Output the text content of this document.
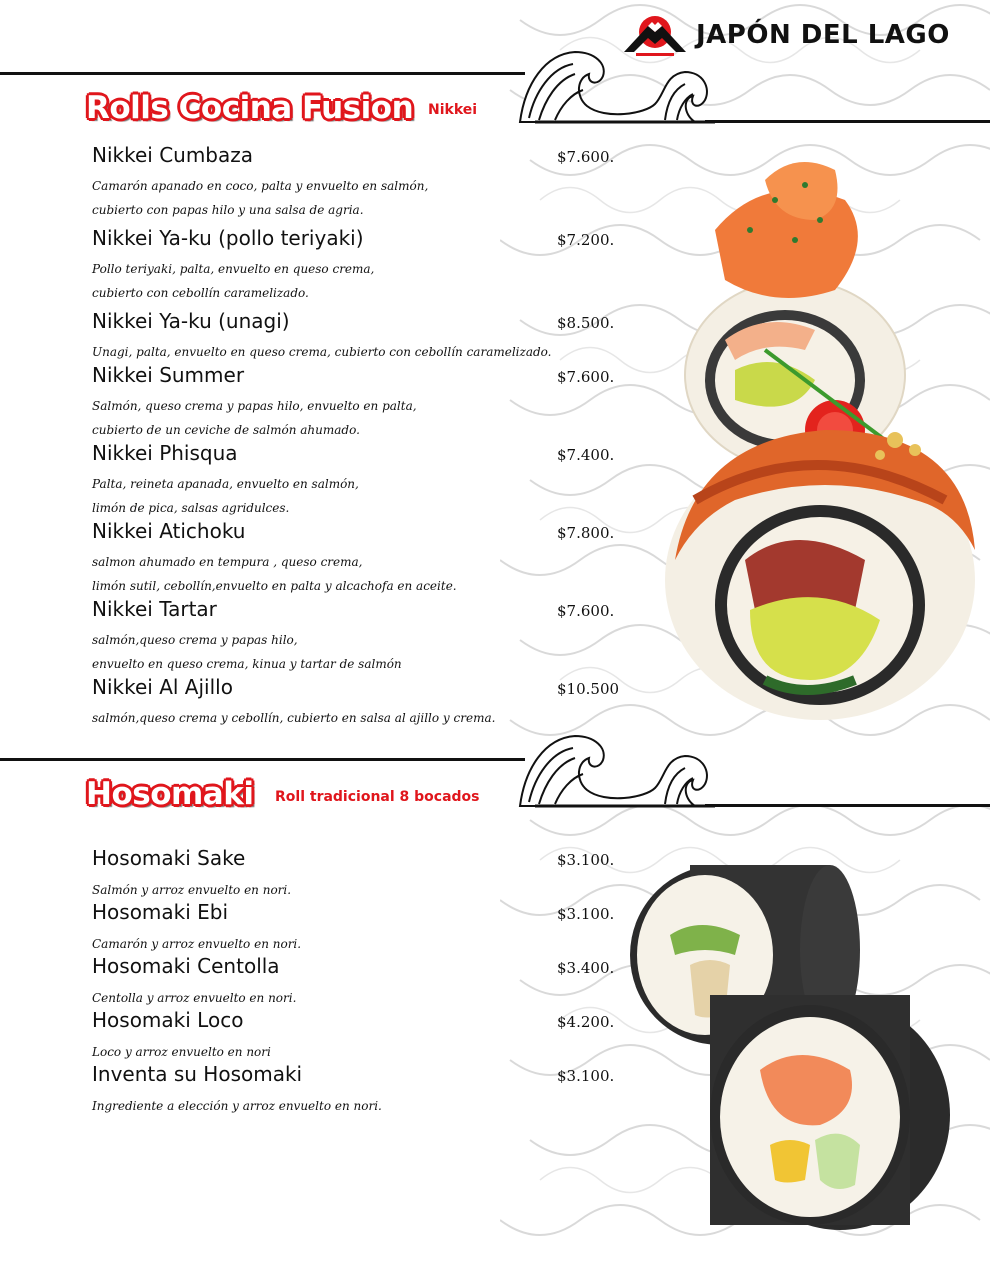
JAPÓN DEL LAGO
Rolls Cocina Fusion Nikkei
Nikkei Cumbaza	$7.600.
Camarón apanado en coco, palta y envuelto en salmón,
cubierto con papas hilo y una salsa de agria.
Nikkei Ya-ku (pollo teriyaki)	$7.200.
Pollo teriyaki, palta, envuelto en queso crema,
cubierto con cebollín caramelizado.
Nikkei Ya-ku (unagi)	$8.500.
Unagi, palta, envuelto en queso crema, cubierto con cebollín caramelizado.
Nikkei Summer	$7.600.
Salmón, queso crema y papas hilo, envuelto en palta,
cubierto de un ceviche de salmón ahumado.
Nikkei Phisqua	$7.400.
Palta, reineta apanada, envuelto en salmón,
limón de pica, salsas agridulces.
Nikkei Atichoku	$7.800.
salmon ahumado en tempura , queso crema,
limón sutil, cebollín,envuelto en palta y alcachofa en aceite.
Nikkei Tartar	$7.600.
salmón,queso crema y papas hilo,
envuelto en queso crema, kinua y tartar de salmón
Nikkei Al Ajillo	$10.500
salmón,queso crema y cebollín, cubierto en salsa al ajillo y crema.
Hosomaki Roll tradicional 8 bocados
Hosomaki Sake	$3.100.
Salmón y arroz envuelto en nori.
Hosomaki Ebi	$3.100.
Camarón y arroz envuelto en nori.
Hosomaki Centolla	$3.400.
Centolla y arroz envuelto en nori.
Hosomaki Loco	$4.200.
Loco y arroz envuelto en nori
Inventa su Hosomaki	$3.100.
Ingrediente a elección y arroz envuelto en nori.
